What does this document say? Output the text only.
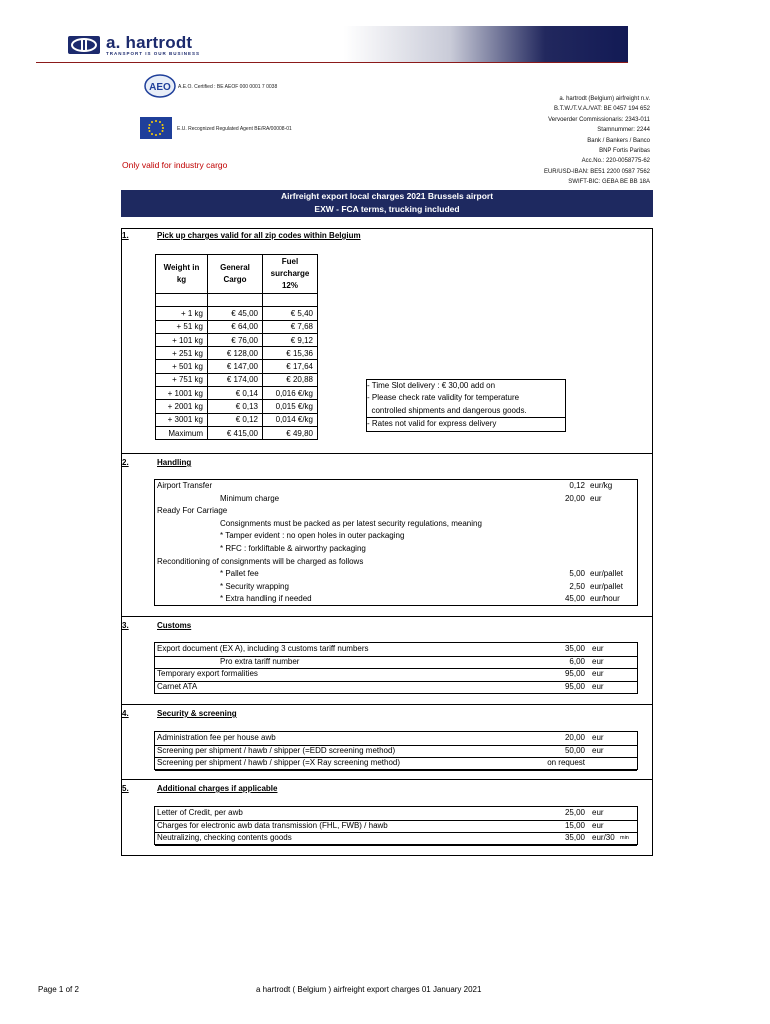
a. hartrodt
TRANSPORT IS OUR BUSINESS
AEO A.E.O. Certified : BE AEOF 000 0001 7 0038
E.U. Recognized Regulated Agent BE/RA/00008-01
Only valid for industry cargo
a. hartrodt (Belgium) airfreight n.v.
B.T.W./T.V.A./VAT: BE 0457 194 652
Vervoerder Commissionaris: 2343-011
Stamnummer: 2244
Bank / Bankers / Banco
BNP Fortis Paribas
Acc.No.: 220-0058775-62
EUR/USD-IBAN: BE51 2200 0587 7562
SWIFT-BIC: GEBA BE BB 18A
Airfreight export local charges 2021 Brussels airport
EXW - FCA terms, trucking included
1.	Pick up charges valid for all zip codes within Belgium
Weight in kg	General Cargo	Fuel surcharge 12%

+ 1 kg	€ 45,00	€ 5,40
+ 51 kg	€ 64,00	€ 7,68
+ 101 kg	€ 76,00	€ 9,12
+ 251 kg	€ 128,00	€ 15,36
+ 501 kg	€ 147,00	€ 17,64
+ 751 kg	€ 174,00	€ 20,88
+ 1001 kg	€ 0,14	0,016 €/kg
+ 2001 kg	€ 0,13	0,015 €/kg
+ 3001 kg	€ 0,12	0,014 €/kg
Maximum	€ 415,00	€ 49,80
- Time Slot delivery : € 30,00 add on
- Please check rate validity for temperature
controlled shipments and dangerous goods.
- Rates not valid for express delivery
2.	Handling
Airport Transfer	0,12 eur/kg
Minimum charge	20,00 eur
Ready For Carriage
Consignments must be packed as per latest security regulations, meaning
* Tamper evident : no open holes in outer packaging
* RFC : forkliftable & airworthy packaging
Reconditioning of consignments will be charged as follows
* Pallet fee	5,00 eur/pallet
* Security wrapping	2,50 eur/pallet
* Extra handling if needed	45,00 eur/hour
3.	Customs
Export document (EX A), including 3 customs tariff numbers	35,00 eur
Pro extra tariff number	6,00 eur
Temporary export formalities	95,00 eur
Carnet ATA	95,00 eur
4.	Security & screening
Administration fee per house awb	20,00 eur
Screening per shipment / hawb / shipper (=EDD screening method)	50,00 eur
Screening per shipment / hawb / shipper (=X Ray screening method)	on request
5.	Additional charges if applicable
Letter of Credit, per awb	25,00 eur
Charges for electronic awb data transmission (FHL, FWB) / hawb	15,00 eur
Neutralizing, checking contents goods	35,00 eur/30 min
Page 1 of 2	a hartrodt ( Belgium ) airfreight export charges 01 January 2021
